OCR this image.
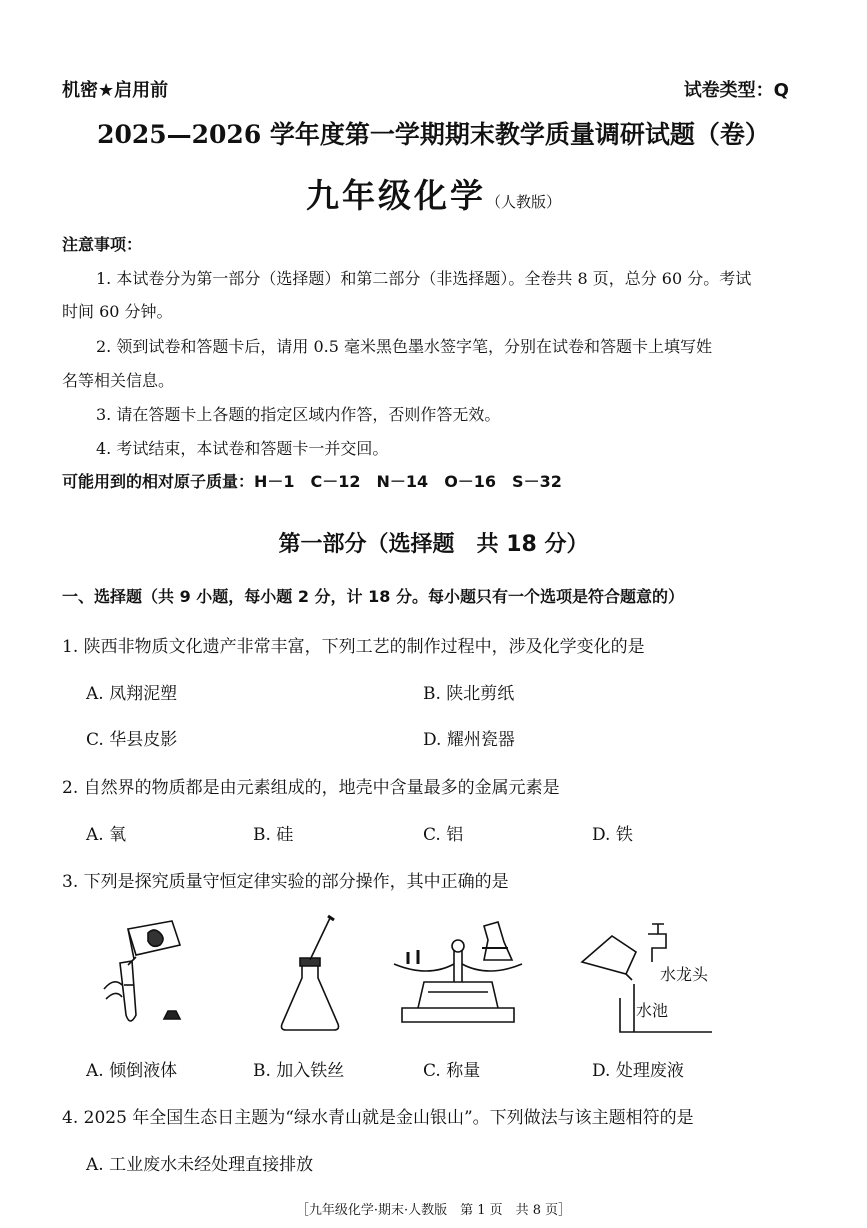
机密★启用前	试卷类型：Q
2025—2026 学年度第一学期期末教学质量调研试题（卷）
九年级化学（人教版）
注意事项：
1. 本试卷分为第一部分（选择题）和第二部分（非选择题）。全卷共 8 页，总分 60 分。考试
时间 60 分钟。
2. 领到试卷和答题卡后，请用 0.5 毫米黑色墨水签字笔，分别在试卷和答题卡上填写姓
名等相关信息。
3. 请在答题卡上各题的指定区域内作答，否则作答无效。
4. 考试结束，本试卷和答题卡一并交回。
可能用到的相对原子质量：H－1　C－12　N－14　O－16　S－32
第一部分（选择题　共 18 分）
一、选择题（共 9 小题，每小题 2 分，计 18 分。每小题只有一个选项是符合题意的）
1. 陕西非物质文化遗产非常丰富，下列工艺的制作过程中，涉及化学变化的是
A. 凤翔泥塑	B. 陕北剪纸
C. 华县皮影	D. 耀州瓷器
2. 自然界的物质都是由元素组成的，地壳中含量最多的金属元素是
A. 氧	B. 硅	C. 铝	D. 铁
3. 下列是探究质量守恒定律实验的部分操作，其中正确的是
水龙头
水池
A. 倾倒液体	B. 加入铁丝	C. 称量	D. 处理废液
4. 2025 年全国生态日主题为“绿水青山就是金山银山”。下列做法与该主题相符的是
A. 工业废水未经处理直接排放
［九年级化学·期末·人教版　第 1 页　共 8 页］
